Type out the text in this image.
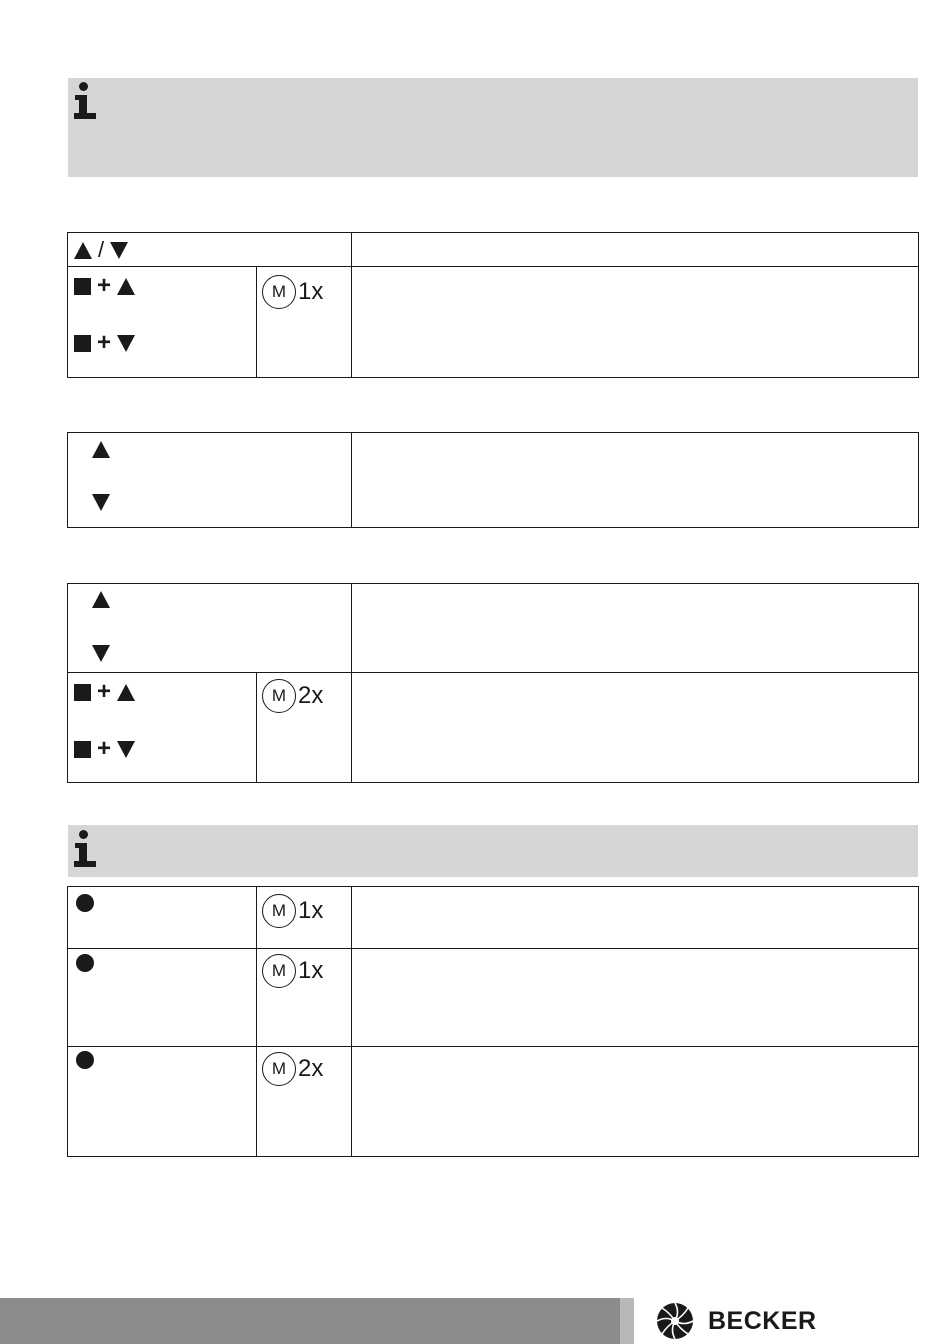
/
+
+
M 1x
+
+
M 2x
M 1x
M 1x
M 2x
BECKER
